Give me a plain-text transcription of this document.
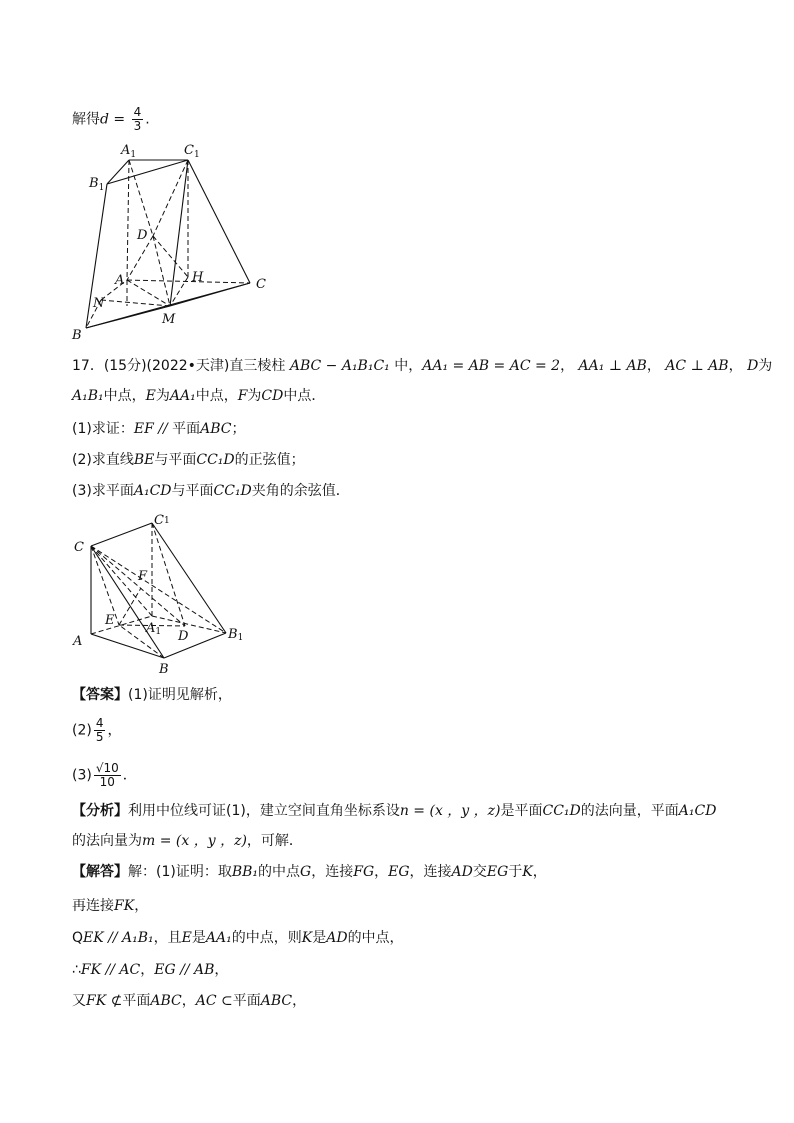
解得$d = \frac{4}{3}$ .
$A_1$	$C_1$
$B_1$
D
A	H	C
N
M
B
17．(15分)(2022•天津)直三棱柱 ABC − A₁B₁C₁ 中，AA₁ = AB = AC = 2， AA₁ ⊥ AB， AC ⊥ AB， D为
A₁B₁中点，E为AA₁中点，F为CD中点．
(1)求证：EF // 平面ABC；
(2)求直线BE与平面CC₁D的正弦值；
(3)求平面A₁CD与平面CC₁D夹角的余弦值．
C1
C
F
E
A1 D	B1
A
B
【答案】(1)证明见解析，
$(2) \frac{4}{5}$ ，
$(3) \frac{√10}{10}$ ．
【分析】利用中位线可证(1)，建立空间直角坐标系设n = (x ，y ，z)是平面CC₁D的法向量，平面A₁CD
的法向量为m = (x ，y ，z)，可解．
【解答】解：(1)证明：取BB₁的中点G，连接FG，EG，连接AD交EG于K，
再连接FK，
QEK // A₁B₁，且E是AA₁的中点，则K是AD的中点，
∴FK // AC，EG // AB，
又FK ⊄平面ABC，AC ⊂平面ABC，
